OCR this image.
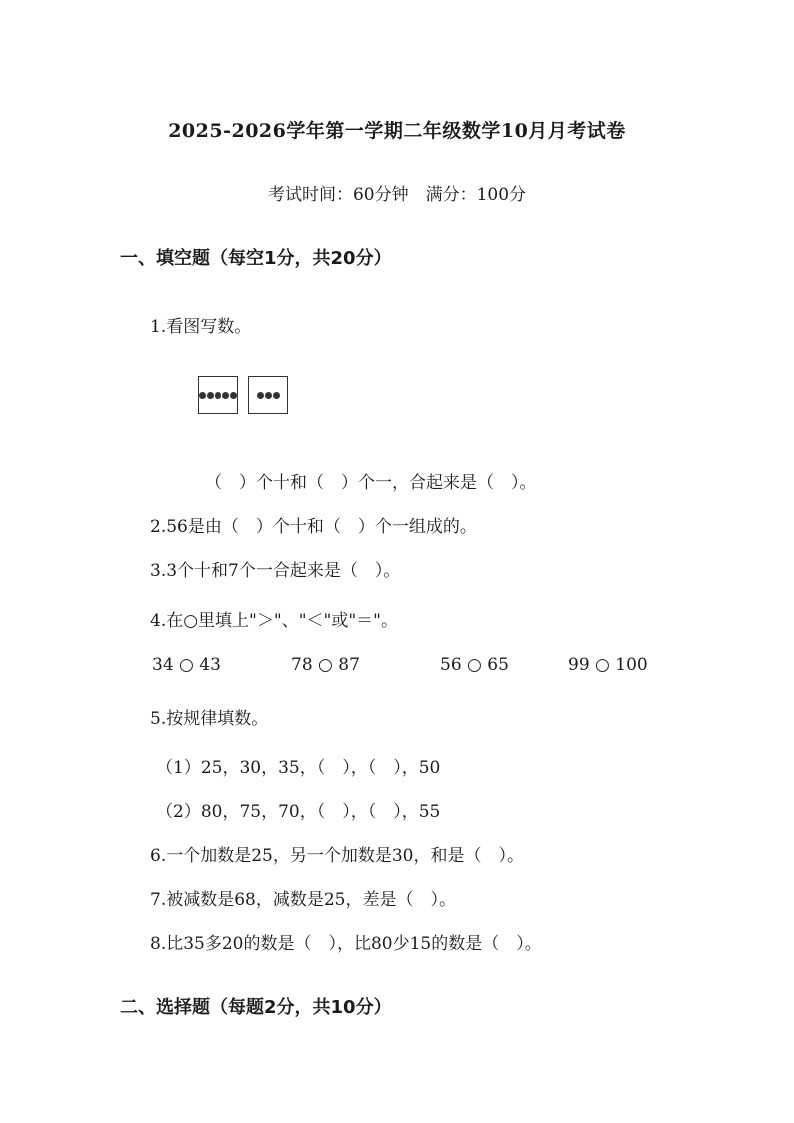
2025-2026学年第一学期二年级数学10月月考试卷
考试时间：60分钟　满分：100分
一、填空题（每空1分，共20分）
1.看图写数。
（　）个十和（　）个一，合起来是（　）。
2.56是由（　）个十和（　）个一组成的。
3.3个十和7个一合起来是（　）。
4.在○里填上"＞"、"＜"或"＝"。
34 ○ 43	78 ○ 87	56 ○ 65	99 ○ 100
5.按规律填数。
（1）25，30，35，（　），（　），50
（2）80，75，70，（　），（　），55
6.一个加数是25，另一个加数是30，和是（　）。
7.被减数是68，减数是25，差是（　）。
8.比35多20的数是（　），比80少15的数是（　）。
二、选择题（每题2分，共10分）
